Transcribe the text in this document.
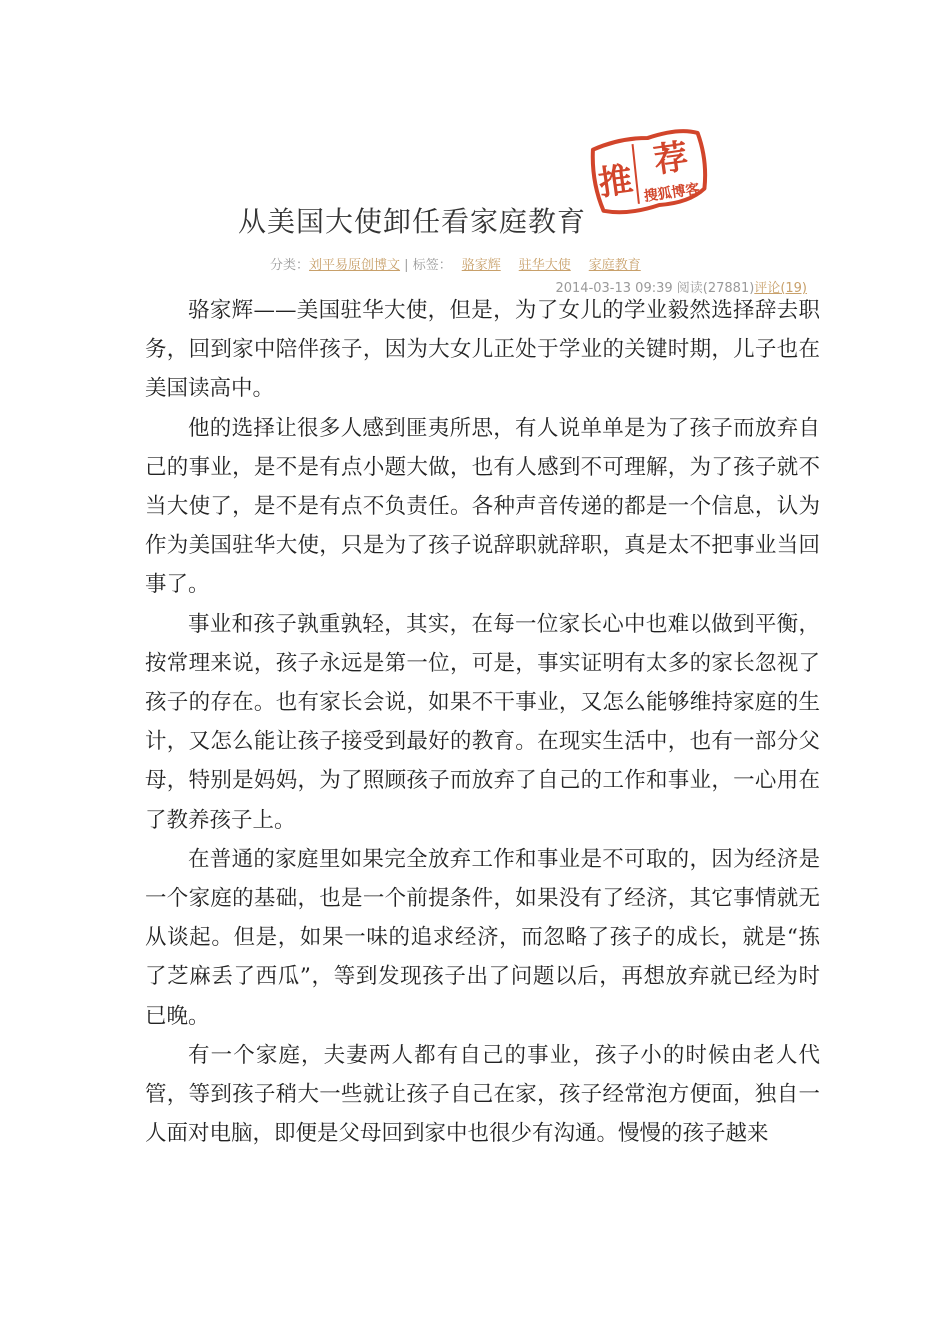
推
荐
搜狐博客
从美国大使卸任看家庭教育
分类：刘平易原创博文 | 标签： 骆家辉 驻华大使 家庭教育
2014-03-13 09:39 阅读(27881)评论(19)

骆家辉——美国驻华大使，但是，为了女儿的学业毅然选择辞去职务，回到家中陪伴孩子，因为大女儿正处于学业的关键时期，儿子也在美国读高中。

他的选择让很多人感到匪夷所思，有人说单单是为了孩子而放弃自己的事业，是不是有点小题大做，也有人感到不可理解，为了孩子就不当大使了，是不是有点不负责任。各种声音传递的都是一个信息，认为作为美国驻华大使，只是为了孩子说辞职就辞职，真是太不把事业当回事了。

事业和孩子孰重孰轻，其实，在每一位家长心中也难以做到平衡，按常理来说，孩子永远是第一位，可是，事实证明有太多的家长忽视了孩子的存在。也有家长会说，如果不干事业，又怎么能够维持家庭的生计，又怎么能让孩子接受到最好的教育。在现实生活中，也有一部分父母，特别是妈妈，为了照顾孩子而放弃了自己的工作和事业，一心用在了教养孩子上。

在普通的家庭里如果完全放弃工作和事业是不可取的，因为经济是一个家庭的基础，也是一个前提条件，如果没有了经济，其它事情就无从谈起。但是，如果一味的追求经济，而忽略了孩子的成长，就是“拣了芝麻丢了西瓜”，等到发现孩子出了问题以后，再想放弃就已经为时已晚。

有一个家庭，夫妻两人都有自己的事业，孩子小的时候由老人代管，等到孩子稍大一些就让孩子自己在家，孩子经常泡方便面，独自一人面对电脑，即便是父母回到家中也很少有沟通。慢慢的孩子越来
